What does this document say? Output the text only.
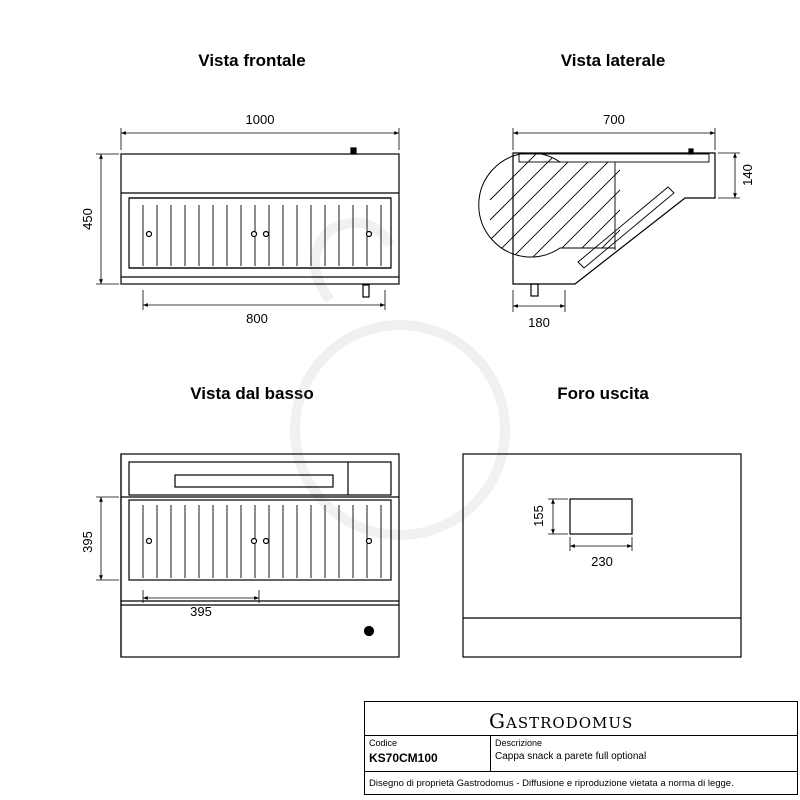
Vista frontale	Vista laterale
Vista dal basso	Foro uscita
1000
450
800
700
140
180
395
395
155
230
GASTRODOMUS
Codice
KS70CM100
Descrizione
Cappa snack a parete full optional
Disegno di proprietà Gastrodomus - Diffusione e riproduzione vietata a norma di legge.
